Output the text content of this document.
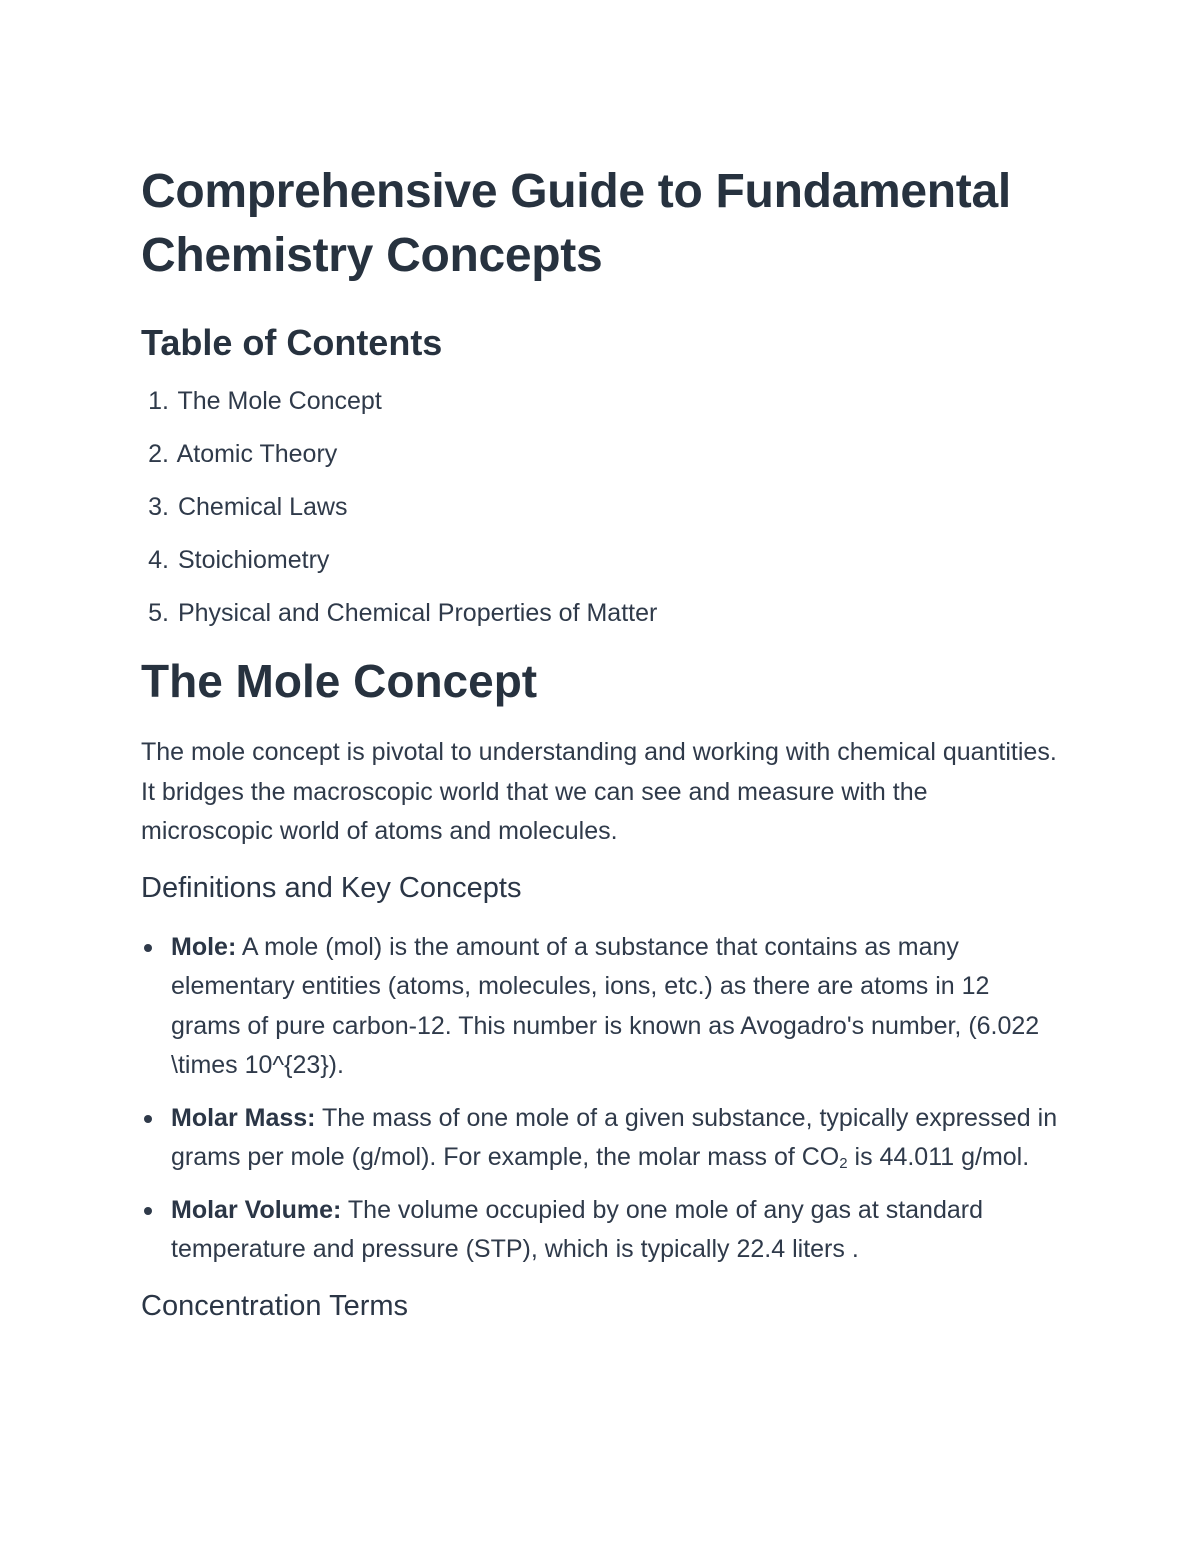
Comprehensive Guide to Fundamental Chemistry Concepts
Table of Contents
1. The Mole Concept
2. Atomic Theory
3. Chemical Laws
4. Stoichiometry
5. Physical and Chemical Properties of Matter
The Mole Concept

The mole concept is pivotal to understanding and working with chemical quantities. It bridges the macroscopic world that we can see and measure with the microscopic world of atoms and molecules.

Definitions and Key Concepts
Mole: A mole (mol) is the amount of a substance that contains as many elementary entities (atoms, molecules, ions, etc.) as there are atoms in 12 grams of pure carbon-12. This number is known as Avogadro's number, (6.022 \times 10^{23}).
Molar Mass: The mass of one mole of a given substance, typically expressed in grams per mole (g/mol). For example, the molar mass of $CO_2$ is 44.011 g/mol.
Molar Volume: The volume occupied by one mole of any gas at standard temperature and pressure (STP), which is typically 22.4 liters .
Concentration Terms
